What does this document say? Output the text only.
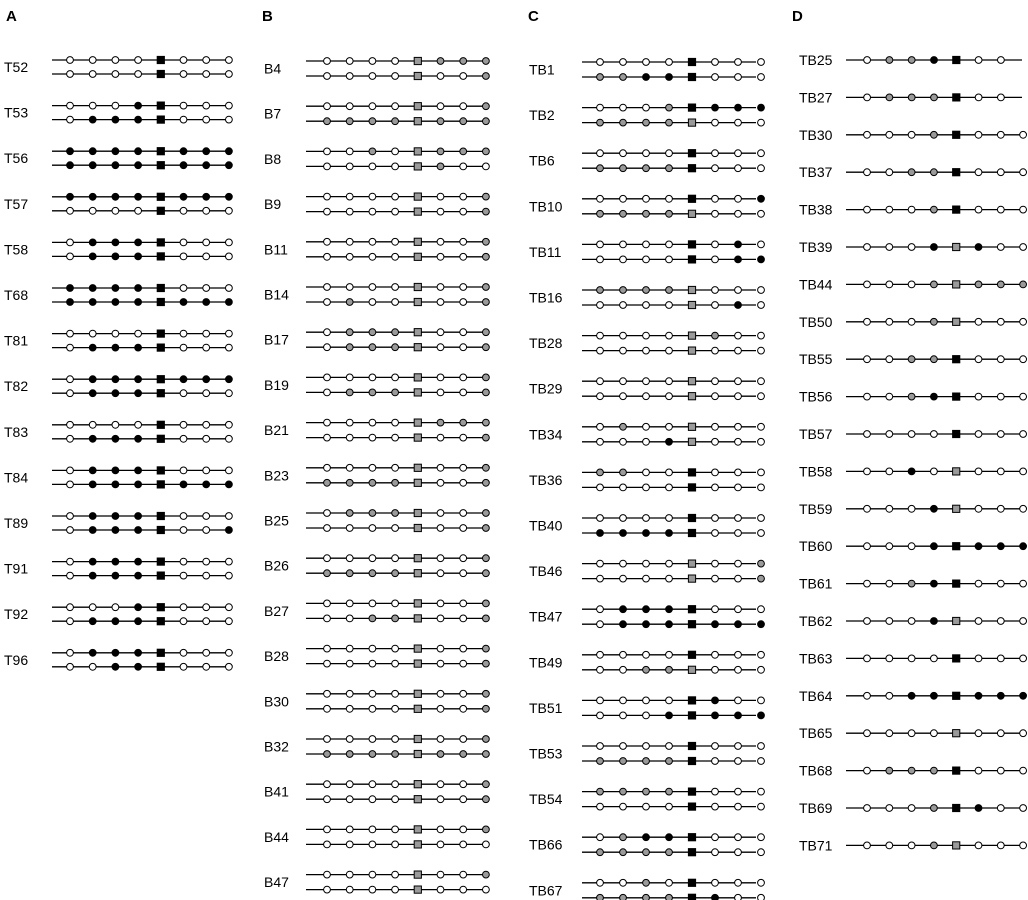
A
T52
T53
T56
T57
T58
T68
T81
T82
T83
T84
T89
T91
T92
T96
B
B4
B7
B8
B9
B11
B14
B17
B19
B21
B23
B25
B26
B27
B28
B30
B32
B41
B44
B47
C
TB1
TB2
TB6
TB10
TB11
TB16
TB28
TB29
TB34
TB36
TB40
TB46
TB47
TB49
TB51
TB53
TB54
TB66
TB67
D
TB25
TB27
TB30
TB37
TB38
TB39
TB44
TB50
TB55
TB56
TB57
TB58
TB59
TB60
TB61
TB62
TB63
TB64
TB65
TB68
TB69
TB71
